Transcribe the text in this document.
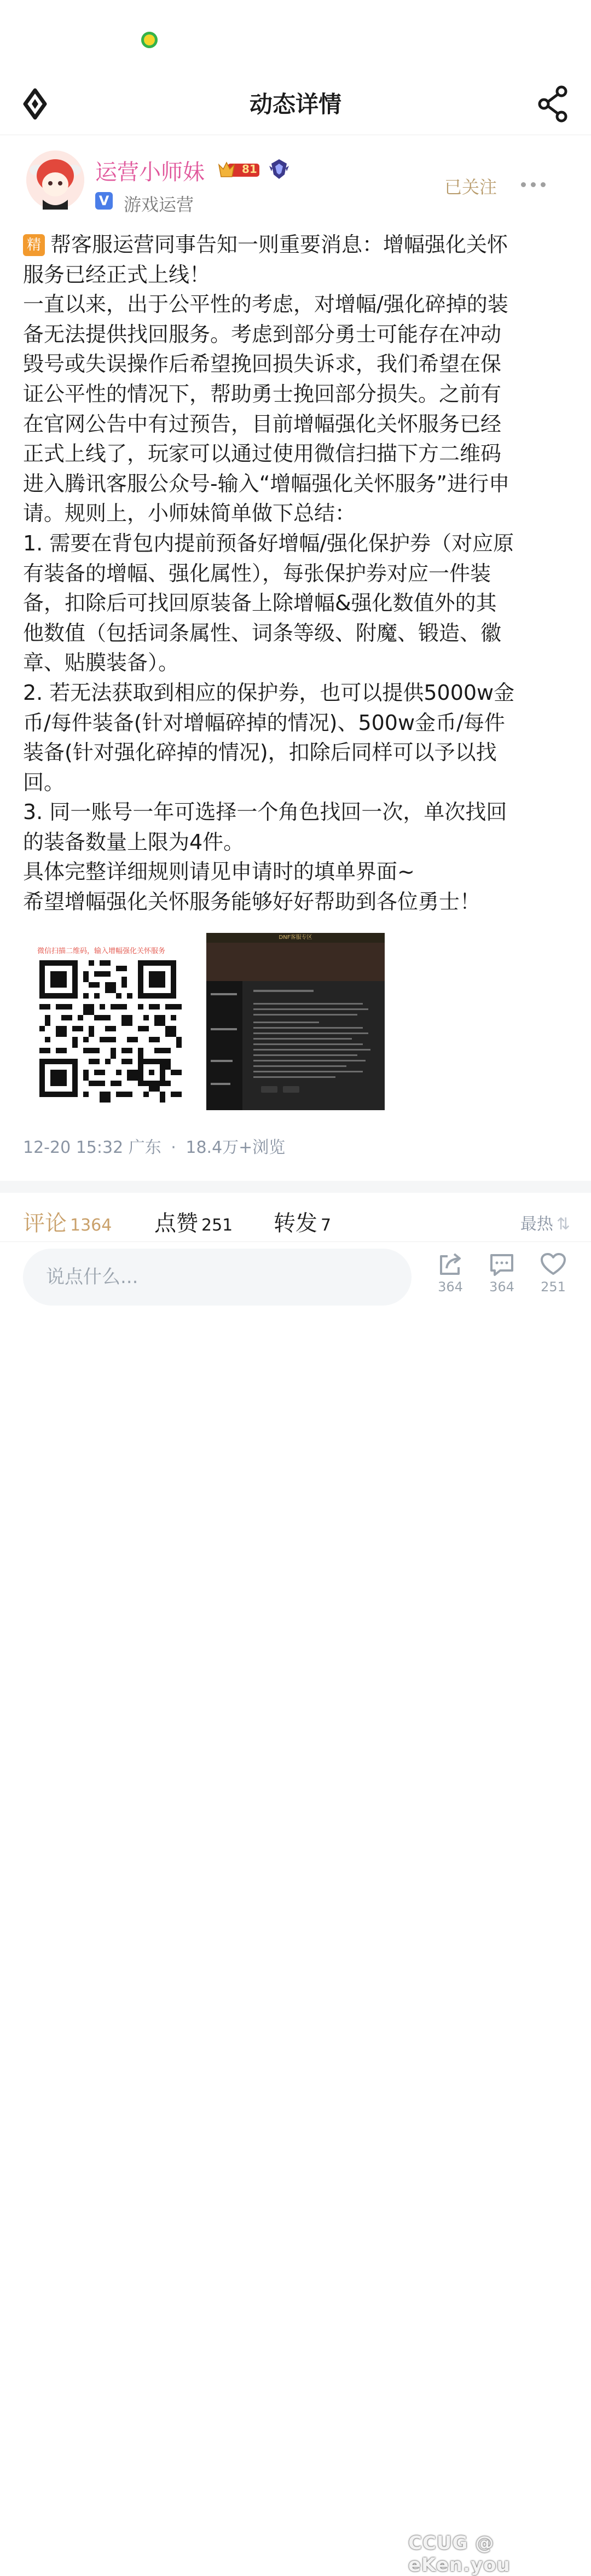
动态详情
运营小师妹	81
V 游戏运营
已关注
精 帮客服运营同事告知一则重要消息：增幅强化关怀
服务已经正式上线！
一直以来，出于公平性的考虑，对增幅/强化碎掉的装
备无法提供找回服务。考虑到部分勇士可能存在冲动
毁号或失误操作后希望挽回损失诉求，我们希望在保
证公平性的情况下，帮助勇士挽回部分损失。之前有
在官网公告中有过预告，目前增幅强化关怀服务已经
正式上线了，玩家可以通过使用微信扫描下方二维码
进入腾讯客服公众号-输入“增幅强化关怀服务”进行申
请。规则上，小师妹简单做下总结：
1. 需要在背包内提前预备好增幅/强化保护券（对应原
有装备的增幅、强化属性），每张保护券对应一件装
备，扣除后可找回原装备上除增幅&强化数值外的其
他数值（包括词条属性、词条等级、附魔、锻造、徽
章、贴膜装备）。
2. 若无法获取到相应的保护券，也可以提供5000w金
币/每件装备(针对增幅碎掉的情况)、500w金币/每件
装备(针对强化碎掉的情况)，扣除后同样可以予以找
回。
3. 同一账号一年可选择一个角色找回一次，单次找回
的装备数量上限为4件。
具体完整详细规则请见申请时的填单界面~
希望增幅强化关怀服务能够好好帮助到各位勇士！
微信扫描二维码，输入增幅强化关怀服务
DNF客服专区
12-20 15:32 广东 · 18.4万+浏览
评论 1364 点赞 251 转发 7	最热 ⇅
说点什么...	364	364	251
CCUG @ eKen.you
